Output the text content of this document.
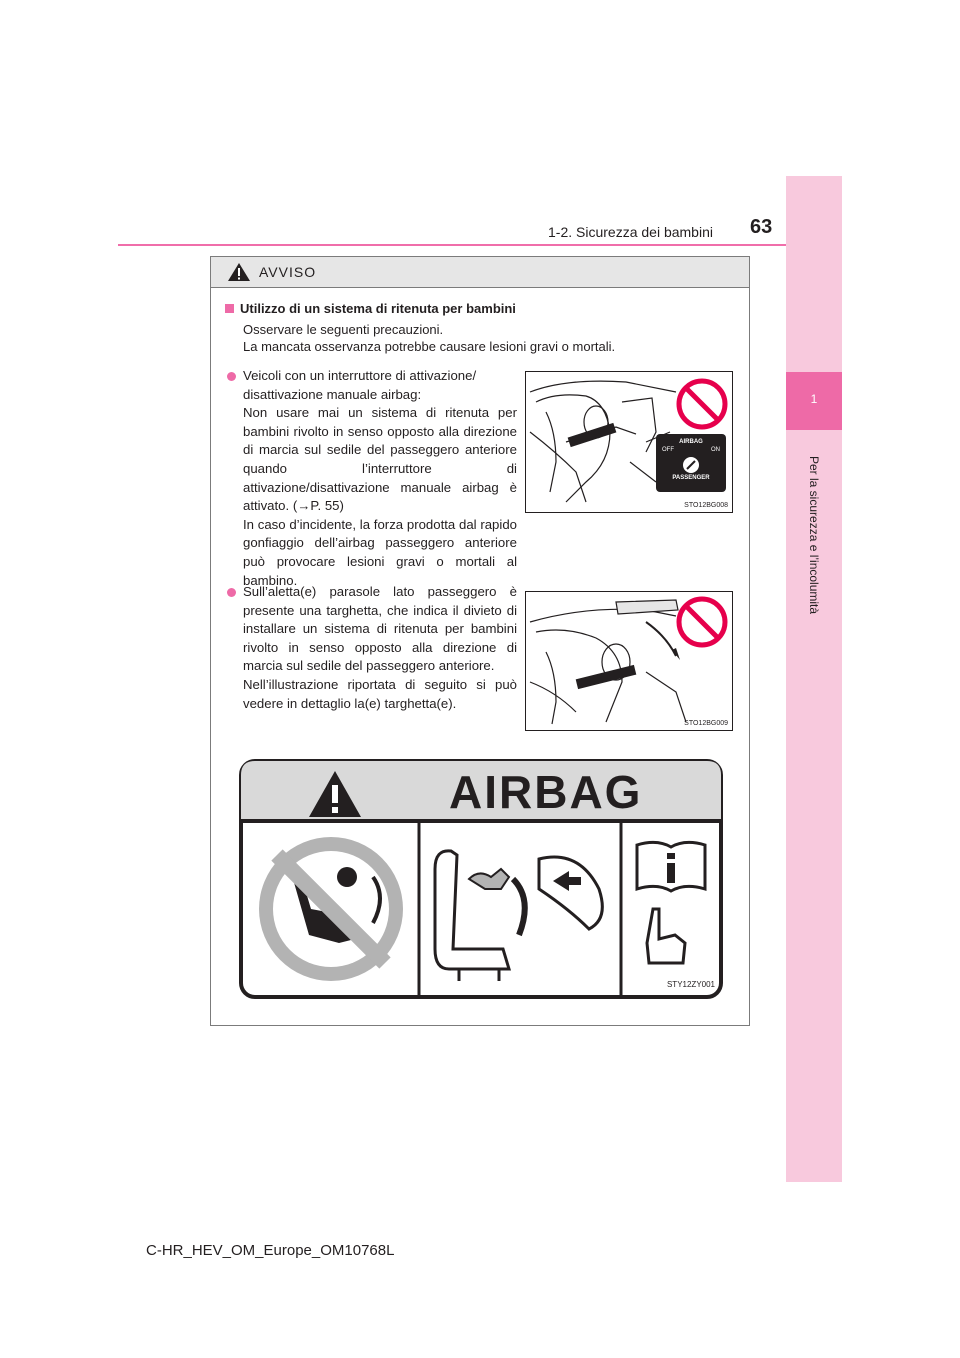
63
1-2. Sicurezza dei bambini
1
Per la sicurezza e l’incolumità
AVVISO
Utilizzo di un sistema di ritenuta per bambini
Osservare le seguenti precauzioni.
La mancata osservanza potrebbe causare lesioni gravi o mortali.
Veicoli con un interruttore di attivazione/
disattivazione manuale airbag:
Non usare mai un sistema di ritenuta per bambini rivolto in senso opposto alla direzione di marcia sul sedile del passeggero anteriore quando l’interruttore di attivazione/disattivazione manuale airbag è attivato. (→P. 55)
In caso d’incidente, la forza prodotta dal rapido gonfiaggio dell’airbag passeggero anteriore può provocare lesioni gravi o mortali al bambino.
AIRBAG
OFF	ON
PASSENGER
STO12BG008
Sull’aletta(e) parasole lato passeggero è presente una targhetta, che indica il divieto di installare un sistema di ritenuta per bambini rivolto in senso opposto alla direzione di marcia sul sedile del passeggero anteriore.
Nell’illustrazione riportata di seguito si può vedere in dettaglio la(e) targhetta(e).
STO12BG009
AIRBAG
STY12ZY001
C-HR_HEV_OM_Europe_OM10768L
